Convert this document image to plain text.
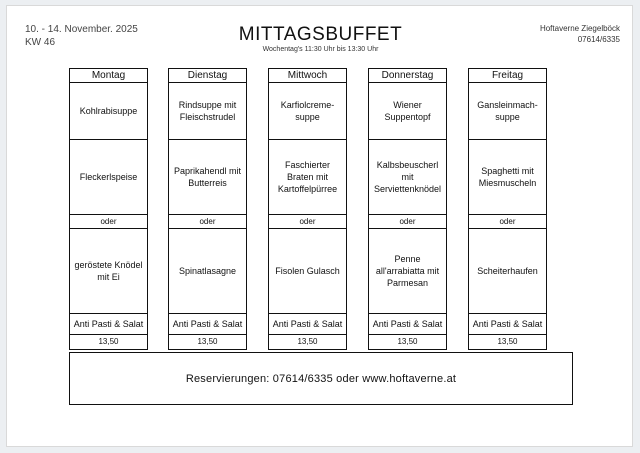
10. - 14. November. 2025
KW 46	MITTAGSBUFFET
Wochentag's 11:30 Uhr bis 13:30 Uhr
Hoftaverne Ziegelböck
07614/6335
Montag
Kohlrabisuppe
Fleckerlspeise
oder
geröstete Knödel mit Ei
Anti Pasti & Salat
13,50
Dienstag
Rindsuppe mit Fleischstrudel
Paprikahendl mit Butterreis
oder
Spinatlasagne
Anti Pasti & Salat
13,50
Mittwoch
Karfiolcreme-suppe
Faschierter Braten mit Kartoffelpürree
oder
Fisolen Gulasch
Anti Pasti & Salat
13,50
Donnerstag
Wiener Suppentopf
Kalbsbeuscherl mit Serviettenknödel
oder
Penne all'arrabiatta mit Parmesan
Anti Pasti & Salat
13,50
Freitag
Gansleinmach-suppe
Spaghetti mit Miesmuscheln
oder
Scheiterhaufen
Anti Pasti & Salat
13,50
Reservierungen: 07614/6335 oder www.hoftaverne.at
